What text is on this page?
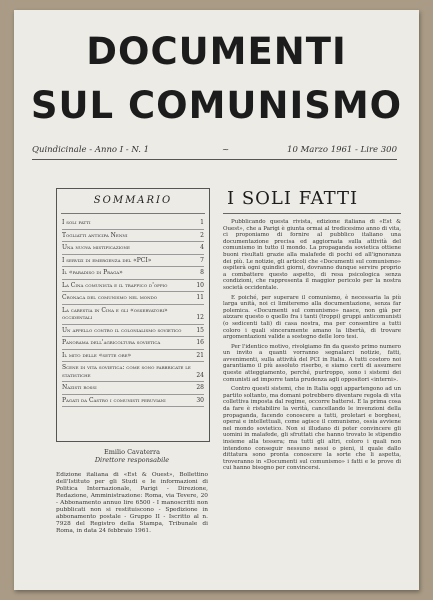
DOCUMENTI
SUL COMUNISMO
Quindicinale - Anno I - N. 1	~	10 Marzo 1961 - Lire 300
SOMMARIO
I soli fatti	1
Togliatti anticipa Nenni	2
Una nuova mistificazione	4
I servizi di emergenza del «PCI»	7
Il «paradiso di Praga»	8
La Cina comunista e il traffico d'oppio	10
Cronaca del comunismo nel mondo	11
La carestia in Cina e gli «osservatori» occidentali	12
Un appello contro il colonialismo sovietico 15
Panorama dell'agricoltura sovietica	16
Il mito delle «sette ore»	21
Scene di vita sovietica: come sono fabbricate le statistiche	24
Nazisti rossi	28
Pagati da Castro i comunisti peruviani	30
Emilio Cavaterra
Direttore responsabile
Edizione italiana di «Est & Ouest», Bollettino dell'Istituto per gli Studi e le informazioni di Politica Internazionale, Parigi - Direzione, Redazione, Amministrazione: Roma, via Tevere, 20 - Abbonamento annuo lire 6500 - I manoscritti non pubblicati non si restituiscono - Spedizione in abbonamento postale - Gruppo II - Iscritto al n. 7928 del Registro della Stampa, Tribunale di Roma, in data 24 febbraio 1961.
I SOLI FATTI

Pubblicando questa rivista, edizione italiana di «Est & Ouest», che a Parigi è giunta ormai al tredicesimo anno di vita, ci proponiamo di fornire al pubblico italiano una documentazione precisa ed aggiornata sulla attività del comunismo in tutto il mondo. La propaganda sovietica ottiene buoni risultati grazie alla malafede di pochi ed all'ignoranza dei più. Le notizie, gli articoli che «Documenti sul comunismo» ospiterà ogni quindici giorni, dovranno dunque servire proprio a combattere questo aspetto, di resa psicologica senza condizioni, che rappresenta il maggior pericolo per la nostra società occidentale.

E poiché, per superare il comunismo, è necessaria la più larga unità, noi ci limiteremo alla documentazione, senza far polemica. «Documenti sul comunismo» nasce, non già per aizzare questo o quello fra i tanti (troppi) gruppi anticomunisti (o sedicenti tali) di casa nostra, ma per consentire a tutti coloro i quali sinceramente amano la libertà, di trovare argomentazioni valide a sostegno delle loro tesi.

Per l'identico motivo, rivolgiamo fin da questo primo numero un invito a quanti vorranno segnalarci notizie, fatti, avvenimenti, sulla attività del PCI in Italia. A tutti costoro noi garantiamo il più assoluto riserbo, e siamo certi di assumere queste atteggiamento, perché, purtroppo, sono i sistemi dei comunisti ad imporre tanta prudenza agli oppositori «interni».

Contro questi sistemi, che in Italia oggi appartengono ad un partito soltanto, ma domani potrebbero diventare regola di vita collettiva imposta dal regime, occorre battersi. E la prima cosa da fare è ristabilire la verità, cancellando le invenzioni della propaganda, facendo conoscere a tutti, proletari e borghesi, operai e intellettuali, come agisce il comunismo, ossia avviene nel mondo sovietico. Non si illudano di poter convincere gli uomini in malafede, gli sfruttati che hanno trovato le stipendio insieme alla tessera; ma tutti gli altri, coloro i quali non intendono conseguir nessuno nessi o pieni, il quale dallo dittatura sono pronta conoscere la sorte che li aspetta, troveranno in «Documenti sul comunismo» i fatti e le prove di cui hanno bisogno per convincersi.
